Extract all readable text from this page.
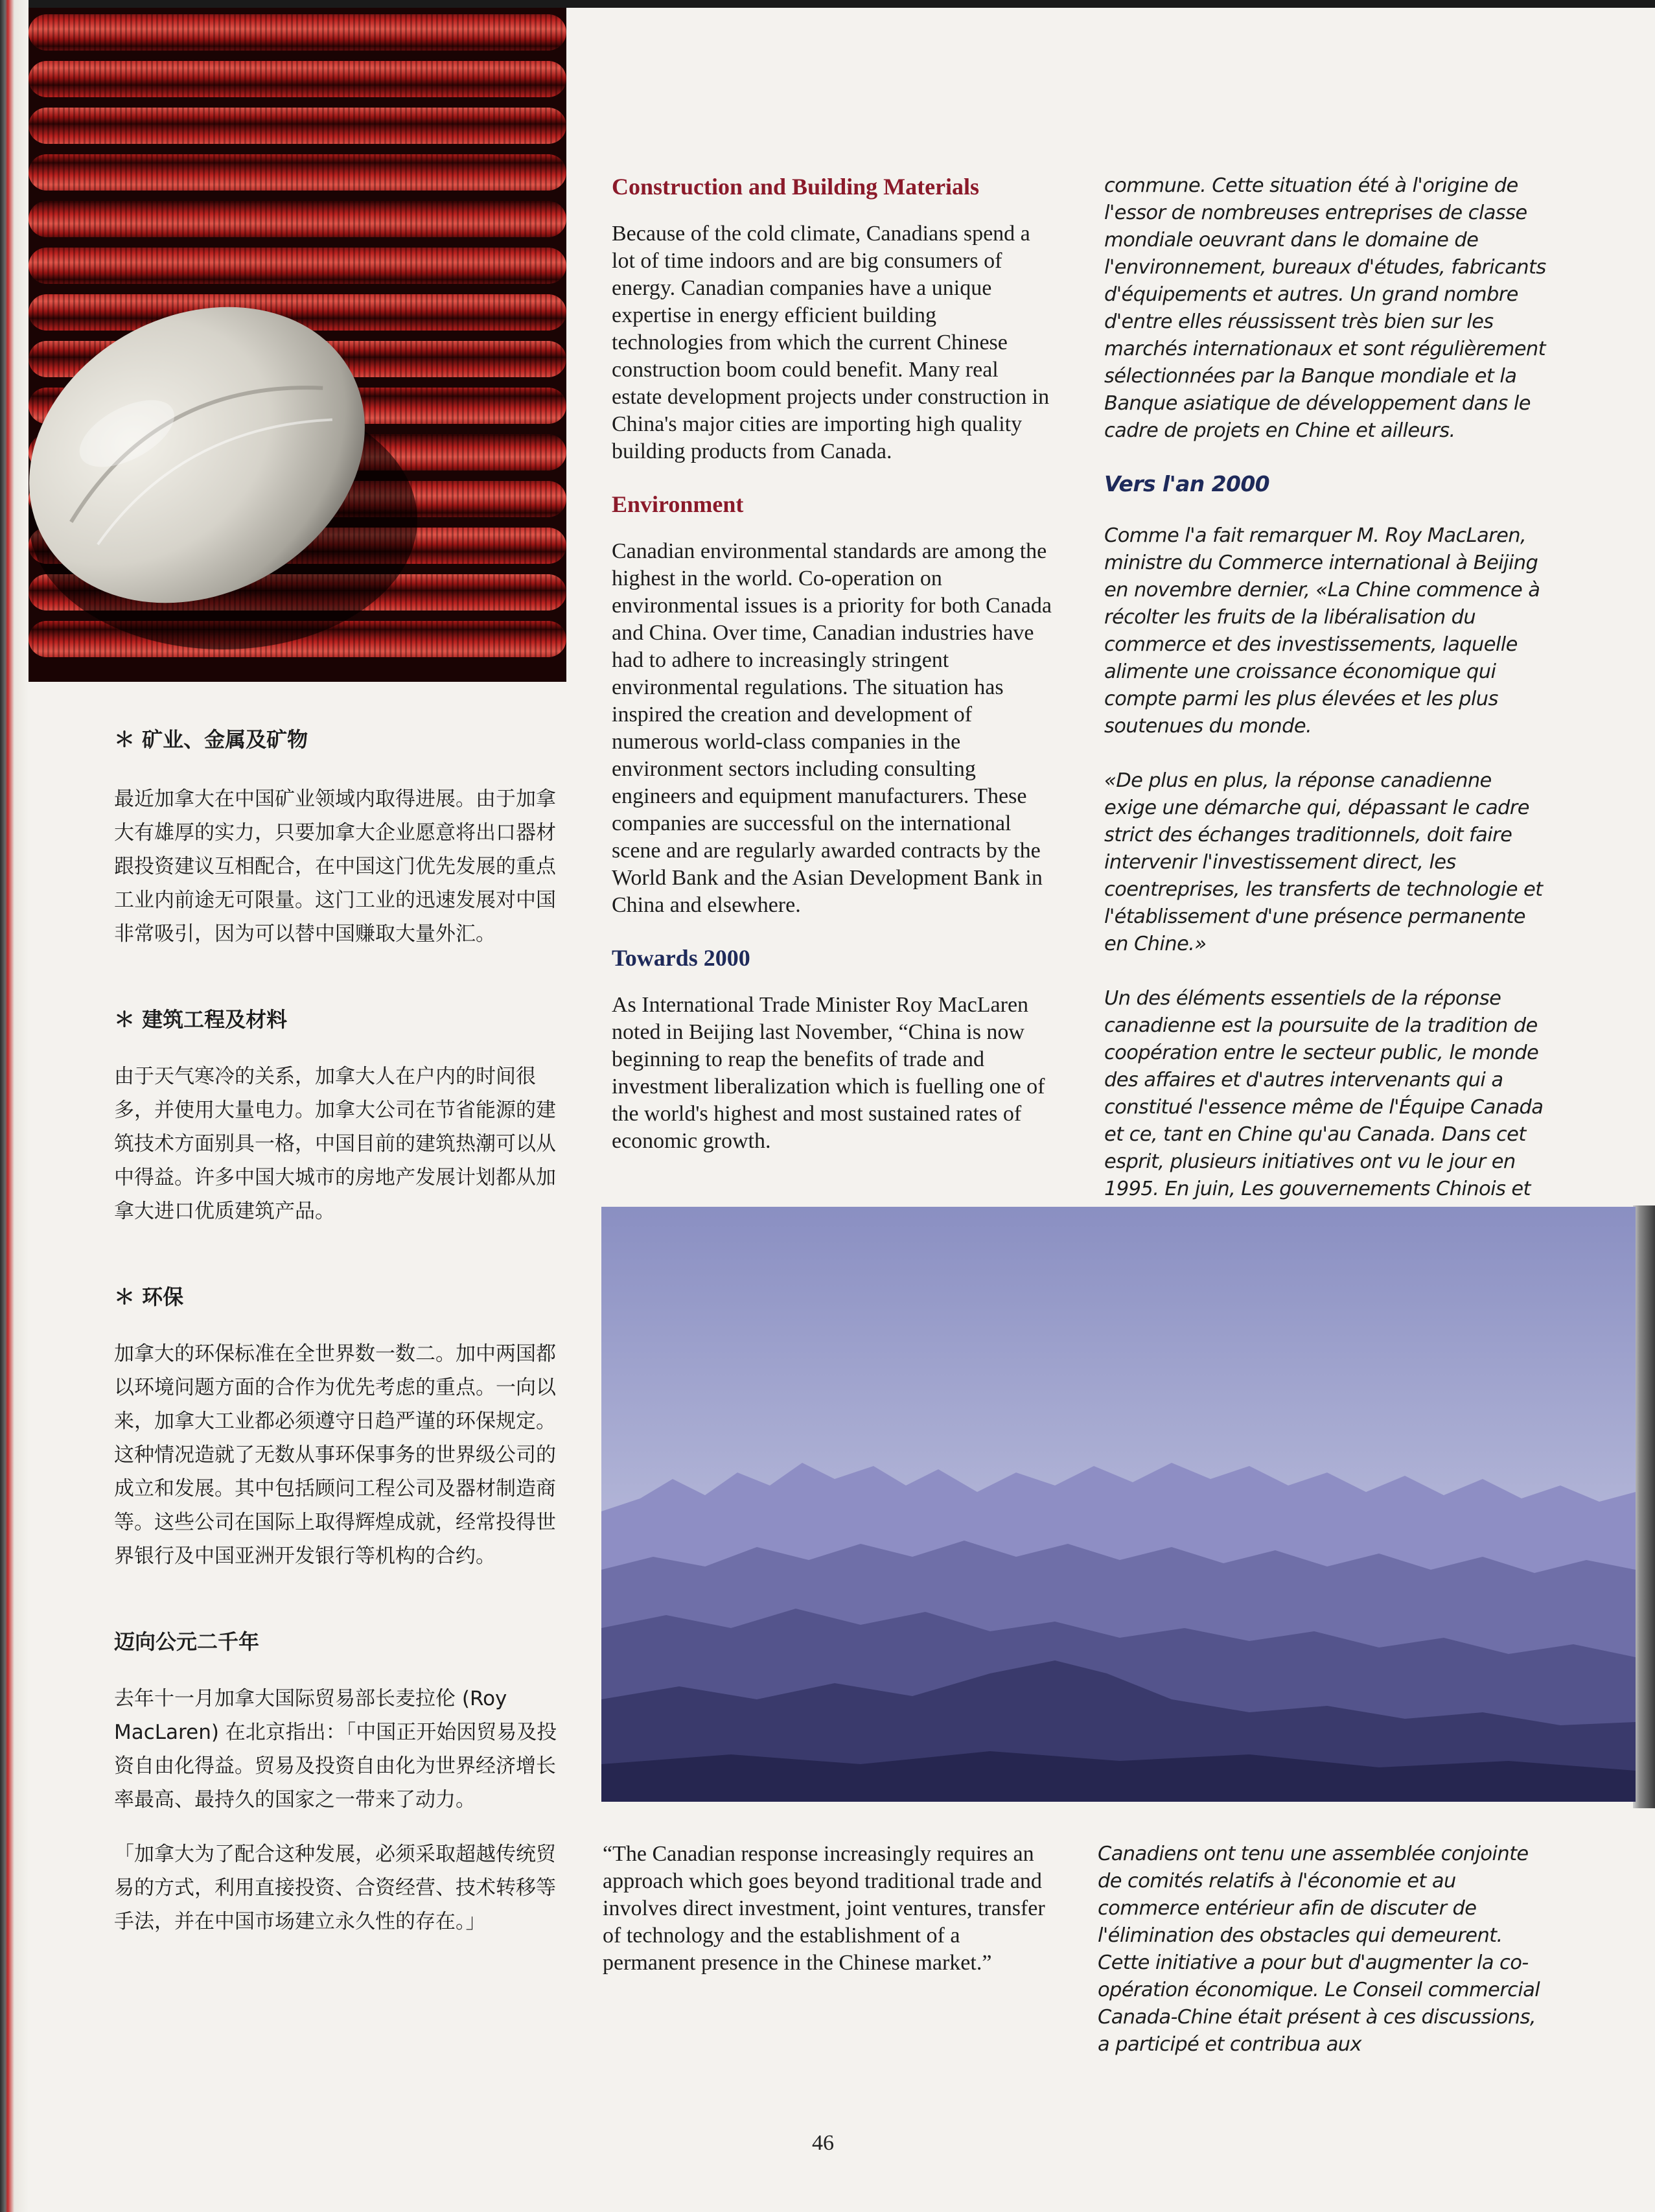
＊ 矿业、金属及矿物

最近加拿大在中国矿业领域内取得进展。由于加拿大有雄厚的实力，只要加拿大企业愿意将出口器材跟投资建议互相配合，在中国这门优先发展的重点工业内前途无可限量。这门工业的迅速发展对中国非常吸引，因为可以替中国赚取大量外汇。

＊ 建筑工程及材料

由于天气寒冷的关系，加拿大人在户内的时间很多，并使用大量电力。加拿大公司在节省能源的建筑技术方面别具一格，中国目前的建筑热潮可以从中得益。许多中国大城市的房地产发展计划都从加拿大进口优质建筑产品。

＊ 环保

加拿大的环保标准在全世界数一数二。加中两国都以环境问题方面的合作为优先考虑的重点。一向以来，加拿大工业都必须遵守日趋严谨的环保规定。这种情况造就了无数从事环保事务的世界级公司的成立和发展。其中包括顾问工程公司及器材制造商等。这些公司在国际上取得辉煌成就，经常投得世界银行及中国亚洲开发银行等机构的合约。

迈向公元二千年

去年十一月加拿大国际贸易部长麦拉伦 (Roy MacLaren) 在北京指出：「中国正开始因贸易及投资自由化得益。贸易及投资自由化为世界经济增长率最高、最持久的国家之一带来了动力。

「加拿大为了配合这种发展，必须采取超越传统贸易的方式，利用直接投资、合资经营、技术转移等手法，并在中国市场建立永久性的存在。」

Construction and Building Materials

Because of the cold climate, Canadians spend a lot of time indoors and are big consumers of energy. Canadian companies have a unique expertise in energy efficient building technologies from which the current Chinese construction boom could benefit. Many real estate development projects under construction in China's major cities are importing high quality building products from Canada.

Environment

Canadian environmental standards are among the highest in the world. Co-operation on environmental issues is a priority for both Canada and China. Over time, Canadian industries have had to adhere to increasingly stringent environmental regulations. The situation has inspired the creation and development of numerous world-class companies in the environment sectors including consulting engineers and equipment manufacturers. These companies are successful on the international scene and are regularly awarded contracts by the World Bank and the Asian Development Bank in China and elsewhere.

Towards 2000

As International Trade Minister Roy MacLaren noted in Beijing last November, “China is now beginning to reap the benefits of trade and investment liberalization which is fuelling one of the world's highest and most sustained rates of economic growth.

commune. Cette situation été à l'origine de l'essor de nombreuses entreprises de classe mondiale oeuvrant dans le domaine de l'environnement, bureaux d'études, fabricants d'équipements et autres. Un grand nombre d'entre elles réussissent très bien sur les marchés internationaux et sont régulièrement sélectionnées par la Banque mondiale et la Banque asiatique de développement dans le cadre de projets en Chine et ailleurs.

Vers l'an 2000

Comme l'a fait remarquer M. Roy MacLaren, ministre du Commerce international à Beijing en novembre dernier, «La Chine commence à récolter les fruits de la libéralisation du commerce et des investissements, laquelle alimente une croissance économique qui compte parmi les plus élevées et les plus soutenues du monde.

«De plus en plus, la réponse canadienne exige une démarche qui, dépassant le cadre strict des échanges traditionnels, doit faire intervenir l'investissement direct, les coentreprises, les transferts de technologie et l'établissement d'une présence permanente en Chine.»

Un des éléments essentiels de la réponse canadienne est la poursuite de la tradition de coopération entre le secteur public, le monde des affaires et d'autres intervenants qui a constitué l'essence même de l'Équipe Canada et ce, tant en Chine qu'au Canada. Dans cet esprit, plusieurs initiatives ont vu le jour en 1995. En juin, Les gouvernements Chinois et

“The Canadian response increasingly requires an approach which goes beyond traditional trade and involves direct investment, joint ventures, transfer of technology and the establishment of a permanent presence in the Chinese market.”

Canadiens ont tenu une assemblée conjointe de comités relatifs à l'économie et au commerce entérieur afin de discuter de l'élimination des obstacles qui demeurent. Cette initiative a pour but d'augmenter la co-opération économique. Le Conseil commercial Canada-Chine était présent à ces discussions, a participé et contribua aux

46
